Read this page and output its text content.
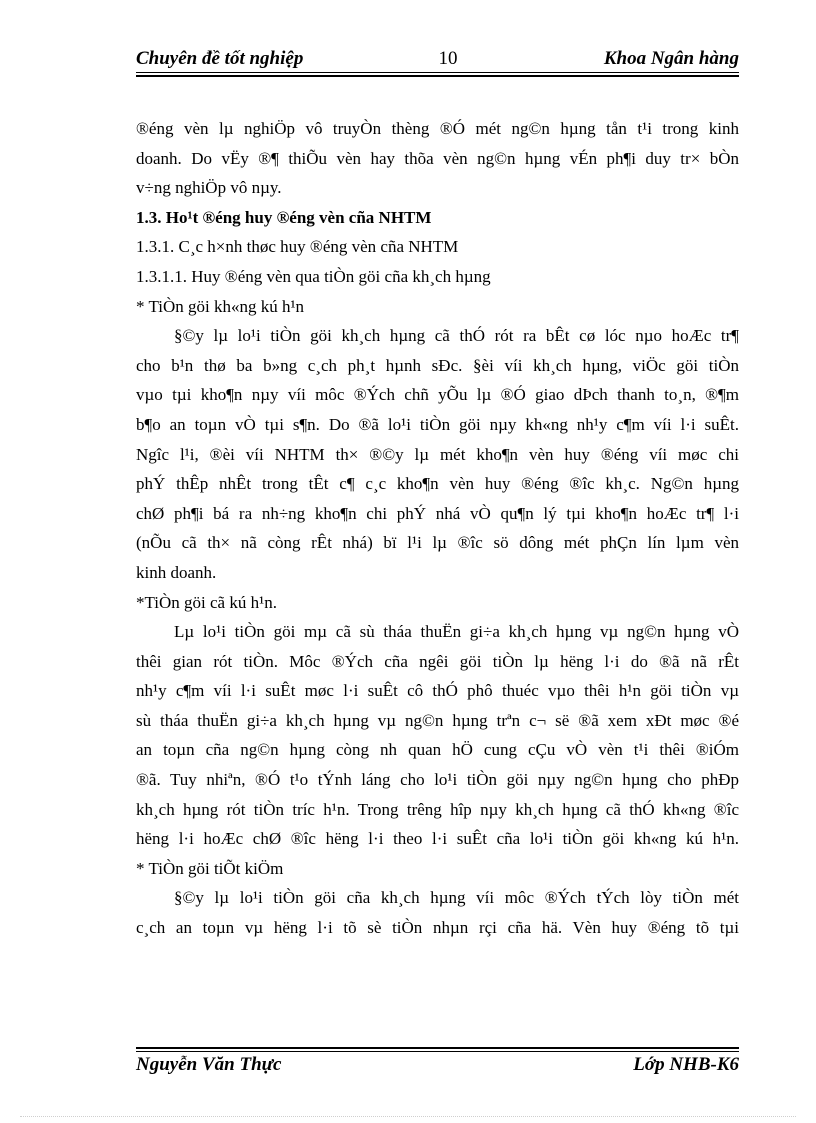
Chuyên đề tốt nghiệp	10	Khoa Ngân hàng
®éng vèn lµ nghiÖp vô truyÒn thèng ®Ó mét ng©n hµng tån t¹i trong kinh
doanh. Do vËy ®¶ thiÕu vèn hay thõa vèn ng©n hµng vÉn ph¶i duy tr× bÒn
v÷ng nghiÖp vô nµy.
1.3. Ho¹t ®éng huy ®éng vèn cña NHTM
1.3.1. C¸c h×nh thøc huy ®éng vèn cña NHTM
1.3.1.1. Huy ®éng vèn qua tiÒn göi cña kh¸ch hµng
* TiÒn göi kh«ng kú h¹n
§©y lµ lo¹i tiÒn göi kh¸ch hµng cã thÓ rót ra bÊt cø lóc nµo hoÆc tr¶
cho b¹n thø ba b»ng c¸ch ph¸t hµnh sÐc. §èi víi kh¸ch hµng, viÖc göi tiÒn
vµo tµi kho¶n nµy víi môc ®Ých chñ yÕu lµ ®Ó giao dÞch thanh to¸n, ®¶m
b¶o an toµn vÒ tµi s¶n. Do ®ã lo¹i tiÒn göi nµy kh«ng nh¹y c¶m víi l·i suÊt.
Ngîc l¹i, ®èi víi NHTM th× ®©y lµ mét kho¶n vèn huy ®éng víi møc chi
phÝ thÊp nhÊt trong tÊt c¶ c¸c kho¶n vèn huy ®éng ®îc kh¸c. Ng©n hµng
chØ ph¶i bá ra nh÷ng kho¶n chi phÝ nhá vÒ qu¶n lý tµi kho¶n hoÆc tr¶ l·i
(nÕu cã th× nã còng rÊt nhá) bï l¹i lµ ®îc sö dông mét phÇn lín lµm vèn
kinh doanh.
*TiÒn göi cã kú h¹n.
Lµ lo¹i tiÒn göi mµ cã sù tháa thuËn gi÷a kh¸ch hµng vµ ng©n hµng vÒ
thêi gian rót tiÒn. Môc ®Ých cña ngêi göi tiÒn lµ hëng l·i do ®ã nã rÊt
nh¹y c¶m víi l·i suÊt møc l·i suÊt cô thÓ phô thuéc vµo thêi h¹n göi tiÒn vµ
sù tháa thuËn gi÷a kh¸ch hµng vµ ng©n hµng trªn c¬ së ®ã xem xÐt møc ®é
an toµn cña ng©n hµng còng nh quan hÖ cung cÇu vÒ vèn t¹i thêi ®iÓm
®ã. Tuy nhiªn, ®Ó t¹o tÝnh láng cho lo¹i tiÒn göi nµy ng©n hµng cho phÐp
kh¸ch hµng rót tiÒn tríc h¹n. Trong trêng hîp nµy kh¸ch hµng cã thÓ kh«ng ®îc
hëng l·i hoÆc chØ ®îc hëng l·i theo l·i suÊt cña lo¹i tiÒn göi kh«ng kú h¹n.
* TiÒn göi tiÕt kiÖm
§©y lµ lo¹i tiÒn göi cña kh¸ch hµng víi môc ®Ých tÝch lòy tiÒn mét
c¸ch an toµn vµ hëng l·i tõ sè tiÒn nhµn rçi cña hä. Vèn huy ®éng tõ tµi
Nguyễn Văn Thực	Lớp NHB-K6
